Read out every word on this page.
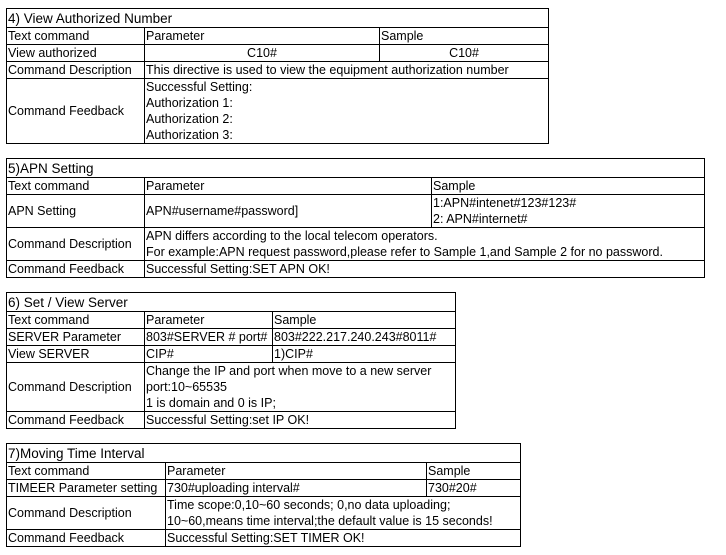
4) View Authorized Number		
Text command	Parameter	Sample
View authorized	C10#	C10#
Command Description	This directive is used to view the equipment authorization number	
Command Feedback	Successful Setting:
Authorization 1:
Authorization 2:
Authorization 3:	
5)APN Setting		
Text command	Parameter	Sample
APN Setting	APN#username#password]	1:APN#intenet#123#123#
2: APN#internet#

Command Description	APN differs according to the local telecom operators.
For example:APN request password,please refer to Sample 1,and Sample 2 for no password.	

Command Feedback	Successful Setting:SET APN OK!	
6) Set / View Server		
Text command	Parameter	Sample
SERVER Parameter	803#SERVER # port#	803#222.217.240.243#8011#
View SERVER	CIP#	1)CIP#
Command Description	Change the IP and port when move to a new server
port:10~65535
1 is domain and 0 is IP;	

Command Feedback	Successful Setting:set IP OK!	
7)Moving Time Interval		
Text command	Parameter	Sample
TIMEER Parameter setting	730#uploading interval#	730#20#
Command Description	Time scope:0,10~60 seconds; 0,no data uploading;
10~60,means time interval;the default value is 15 seconds!	

Command Feedback	Successful Setting:SET TIMER OK!	
